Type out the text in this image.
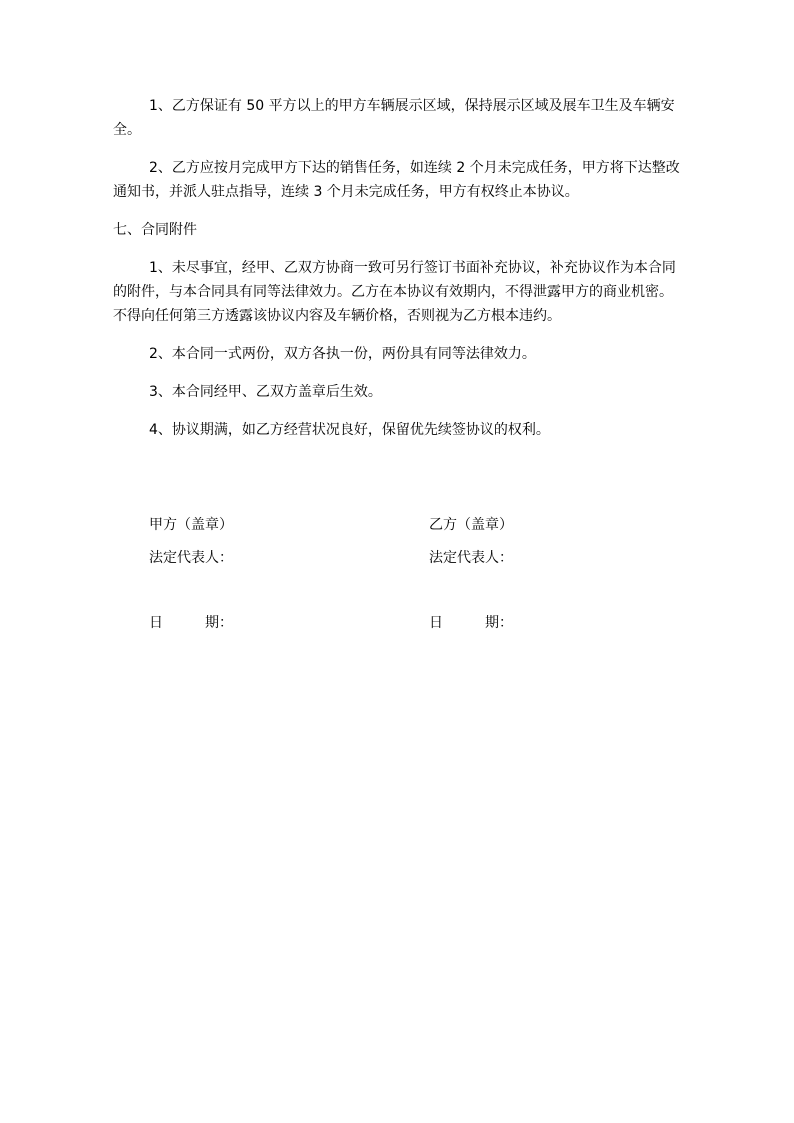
1、乙方保证有 50 平方以上的甲方车辆展示区域，保持展示区域及展车卫生及车辆安全。

2、乙方应按月完成甲方下达的销售任务，如连续 2 个月未完成任务，甲方将下达整改通知书，并派人驻点指导，连续 3 个月未完成任务，甲方有权终止本协议。

七、合同附件

1、未尽事宜，经甲、乙双方协商一致可另行签订书面补充协议，补充协议作为本合同的附件，与本合同具有同等法律效力。乙方在本协议有效期内，不得泄露甲方的商业机密。不得向任何第三方透露该协议内容及车辆价格，否则视为乙方根本违约。

2、本合同一式两份，双方各执一份，两份具有同等法律效力。

3、本合同经甲、乙双方盖章后生效。

4、协议期满，如乙方经营状况良好，保留优先续签协议的权利。

甲方（盖章）
法定代表人：
日	期：
乙方（盖章）
法定代表人：
日	期：
